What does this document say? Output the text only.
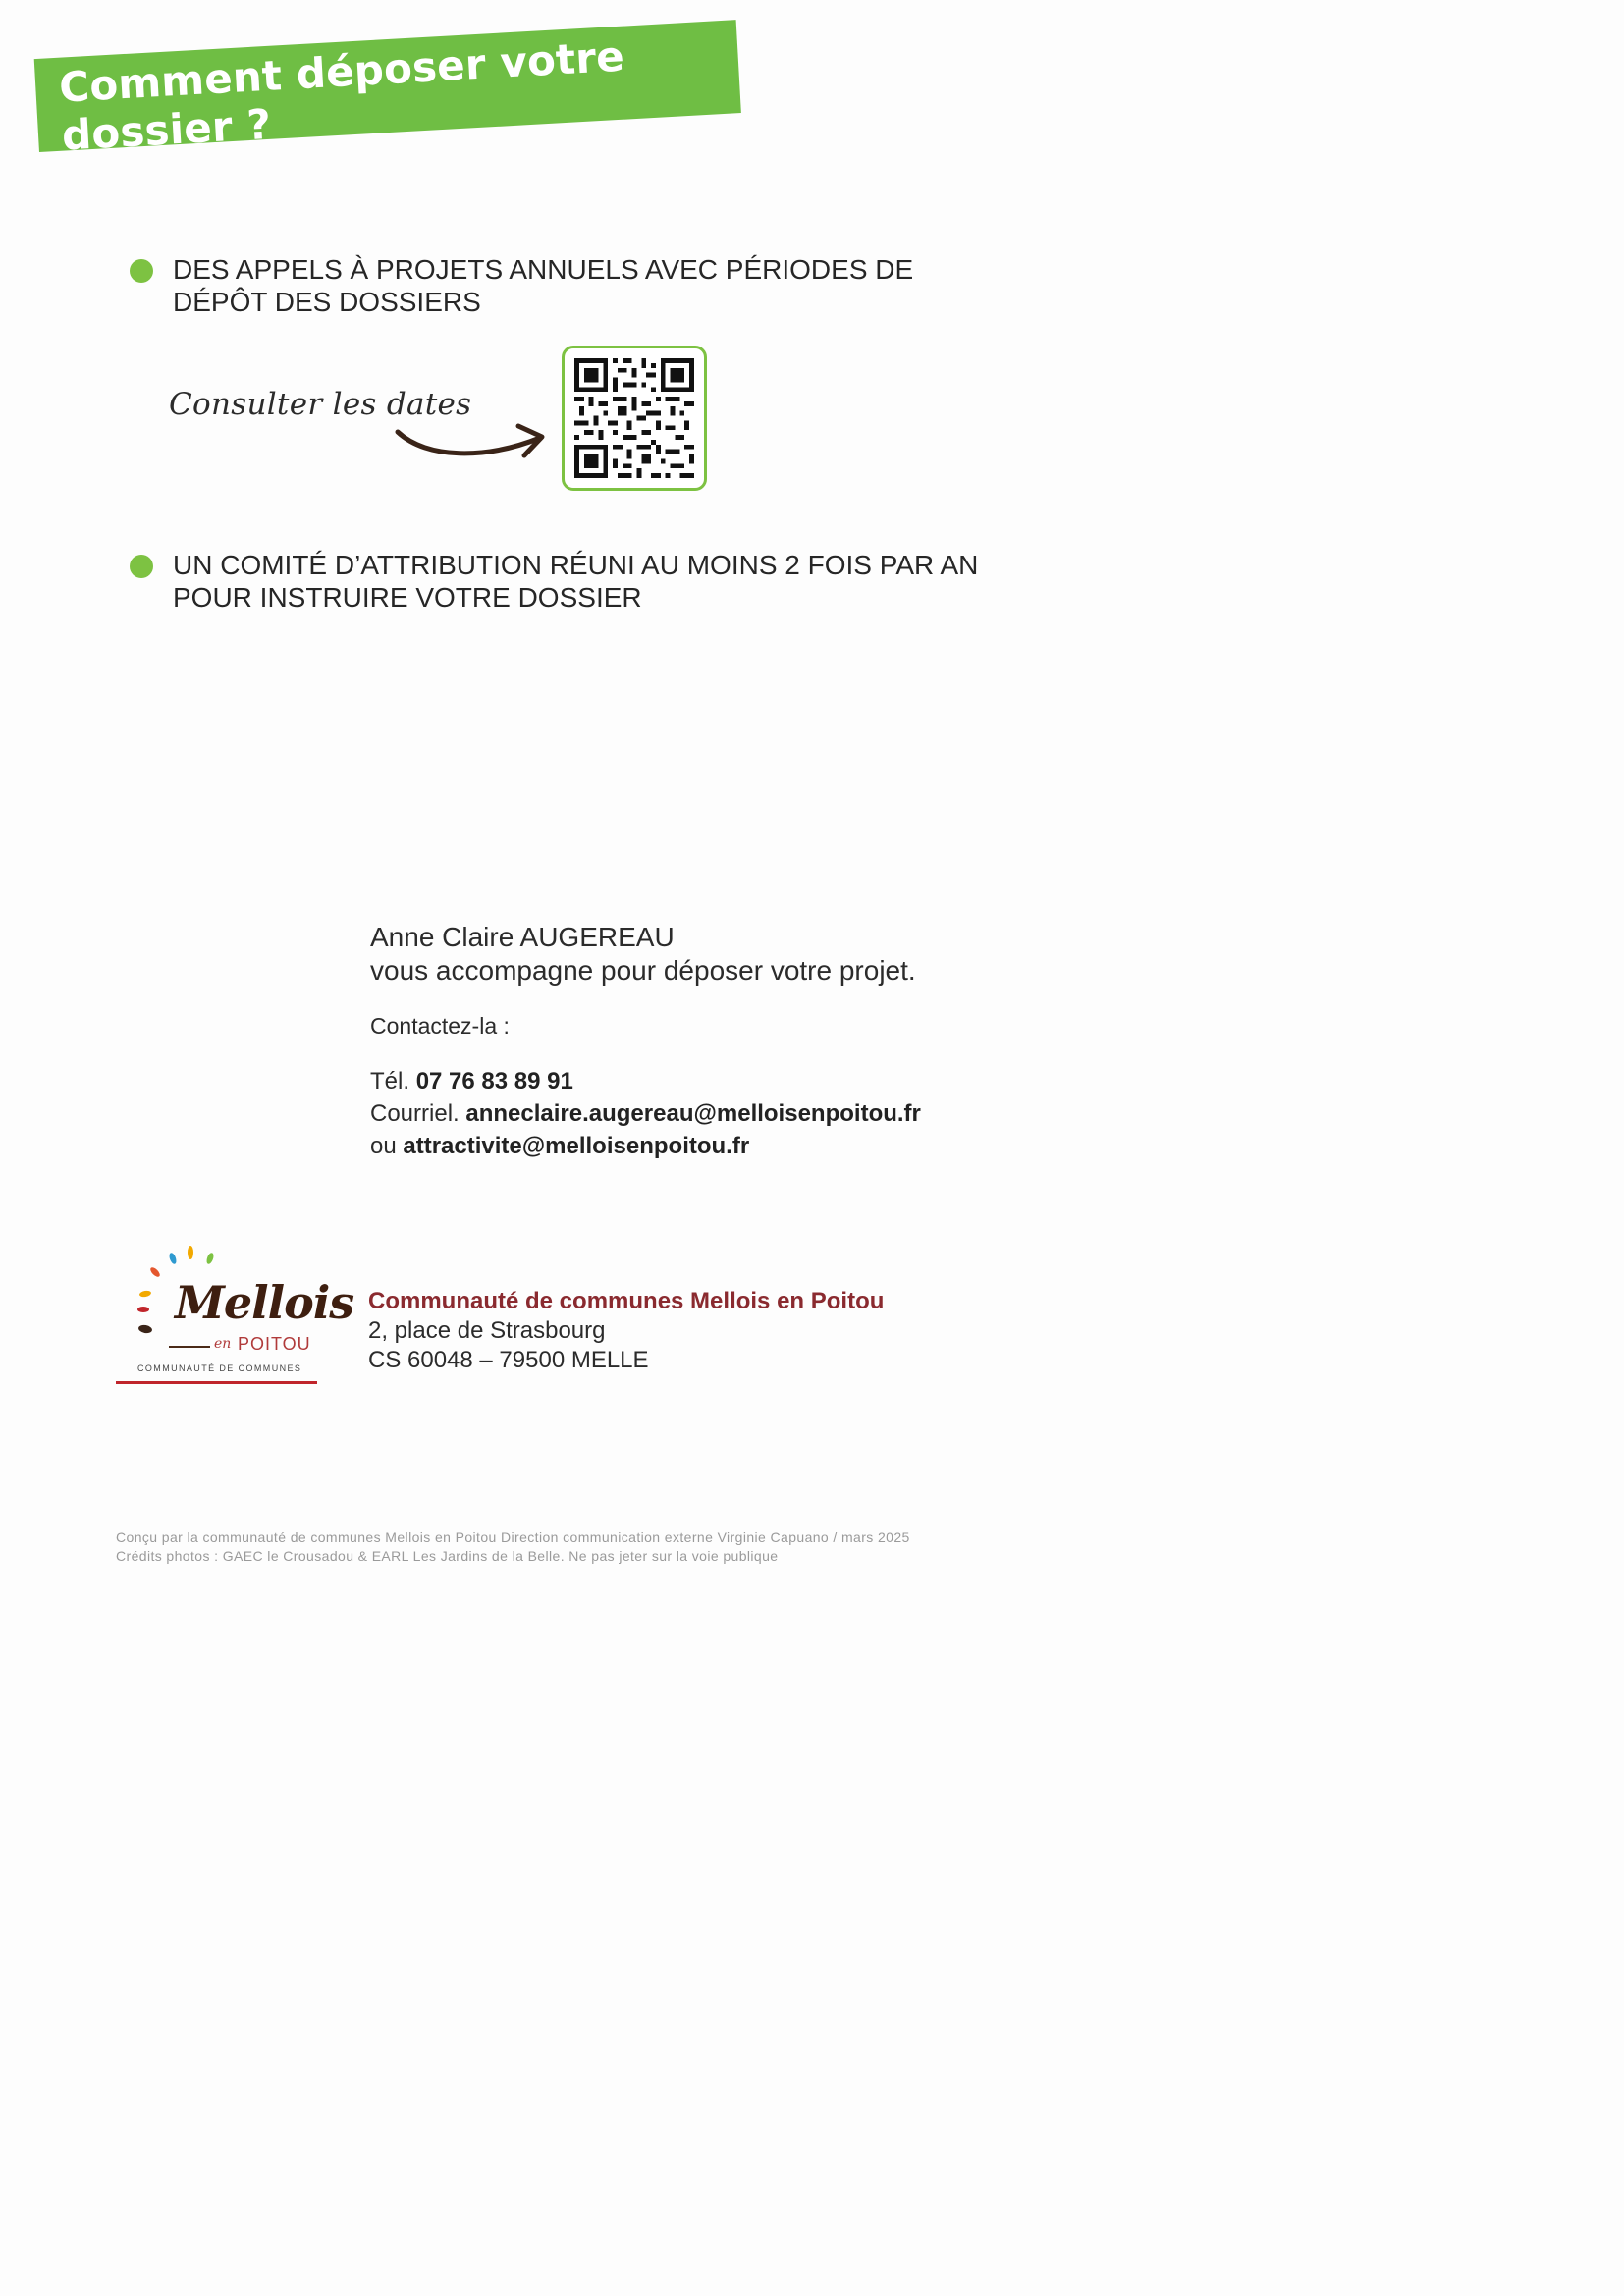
Comment déposer votre dossier ?
DES APPELS À PROJETS ANNUELS AVEC PÉRIODES DE DÉPÔT DES DOSSIERS
Consulter les dates
UN COMITÉ D’ATTRIBUTION RÉUNI AU MOINS 2 FOIS PAR AN POUR INSTRUIRE VOTRE DOSSIER
Anne Claire AUGEREAU
vous accompagne pour déposer votre projet.
Contactez-la :
Tél. 07 76 83 89 91
Courriel. anneclaire.augereau@melloisenpoitou.fr
ou attractivite@melloisenpoitou.fr
Mellois
en POITOU
COMMUNAUTÉ DE COMMUNES
Communauté de communes Mellois en Poitou
2, place de Strasbourg
CS 60048 – 79500 MELLE
Conçu par la communauté de communes Mellois en Poitou Direction communication externe Virginie Capuano / mars 2025
Crédits photos : GAEC le Crousadou & EARL Les Jardins de la Belle. Ne pas jeter sur la voie publique
